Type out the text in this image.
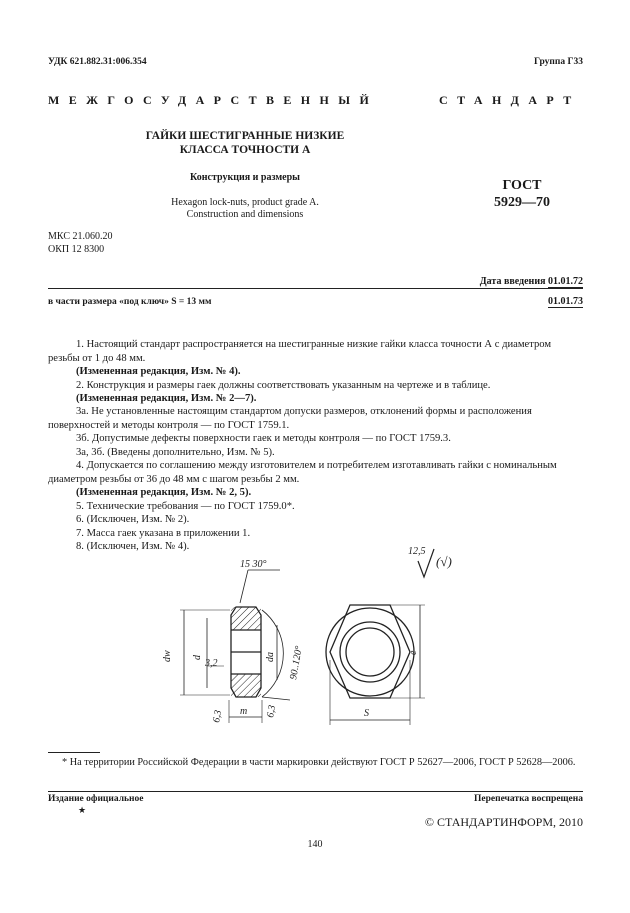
УДК 621.882.31:006.354	Группа Г33
МЕЖГОСУДАРСТВЕННЫЙ	СТАНДАРТ
ГАЙКИ ШЕСТИГРАННЫЕ НИЗКИЕ
КЛАССА ТОЧНОСТИ А
Конструкция и размеры
Hexagon lock-nuts, product grade A.
Construction and dimensions
ГОСТ
5929—70
МКС 21.060.20
ОКП 12 8300
Дата введения 01.01.72
в части размера «под ключ» S = 13 мм	01.01.73
1. Настоящий стандарт распространяется на шестигранные низкие гайки класса точности А с диаметром резьбы от 1 до 48 мм.
(Измененная редакция, Изм. № 4).
2. Конструкция и размеры гаек должны соответствовать указанным на чертеже и в таблице.
(Измененная редакция, Изм. № 2—7).
3а. Не установленные настоящим стандартом допуски размеров, отклонений формы и расположения поверхностей и методы контроля — по ГОСТ 1759.1.
3б. Допустимые дефекты поверхности гаек и методы контроля — по ГОСТ 1759.3.
3а, 3б. (Введены дополнительно, Изм. № 5).
4. Допускается по соглашению между изготовителем и потребителем изготавливать гайки с номинальным диаметром резьбы от 36 до 48 мм с шагом резьбы 2 мм.
(Измененная редакция, Изм. № 2, 5).
5. Технические требования — по ГОСТ 1759.0*.
6. (Исключен, Изм. № 2).
7. Масса гаек указана в приложении 1.
8. (Исключен, Изм. № 4).	12,5
(√)
15 30°
90..120°
dw d	da
3,2
6,3	6,3
m	S
e
* На территории Российской Федерации в части маркировки действуют ГОСТ Р 52627—2006, ГОСТ Р 52628—2006.
Издание официальное	Перепечатка воспрещена
★
© СТАНДАРТИНФОРМ, 2010
140
